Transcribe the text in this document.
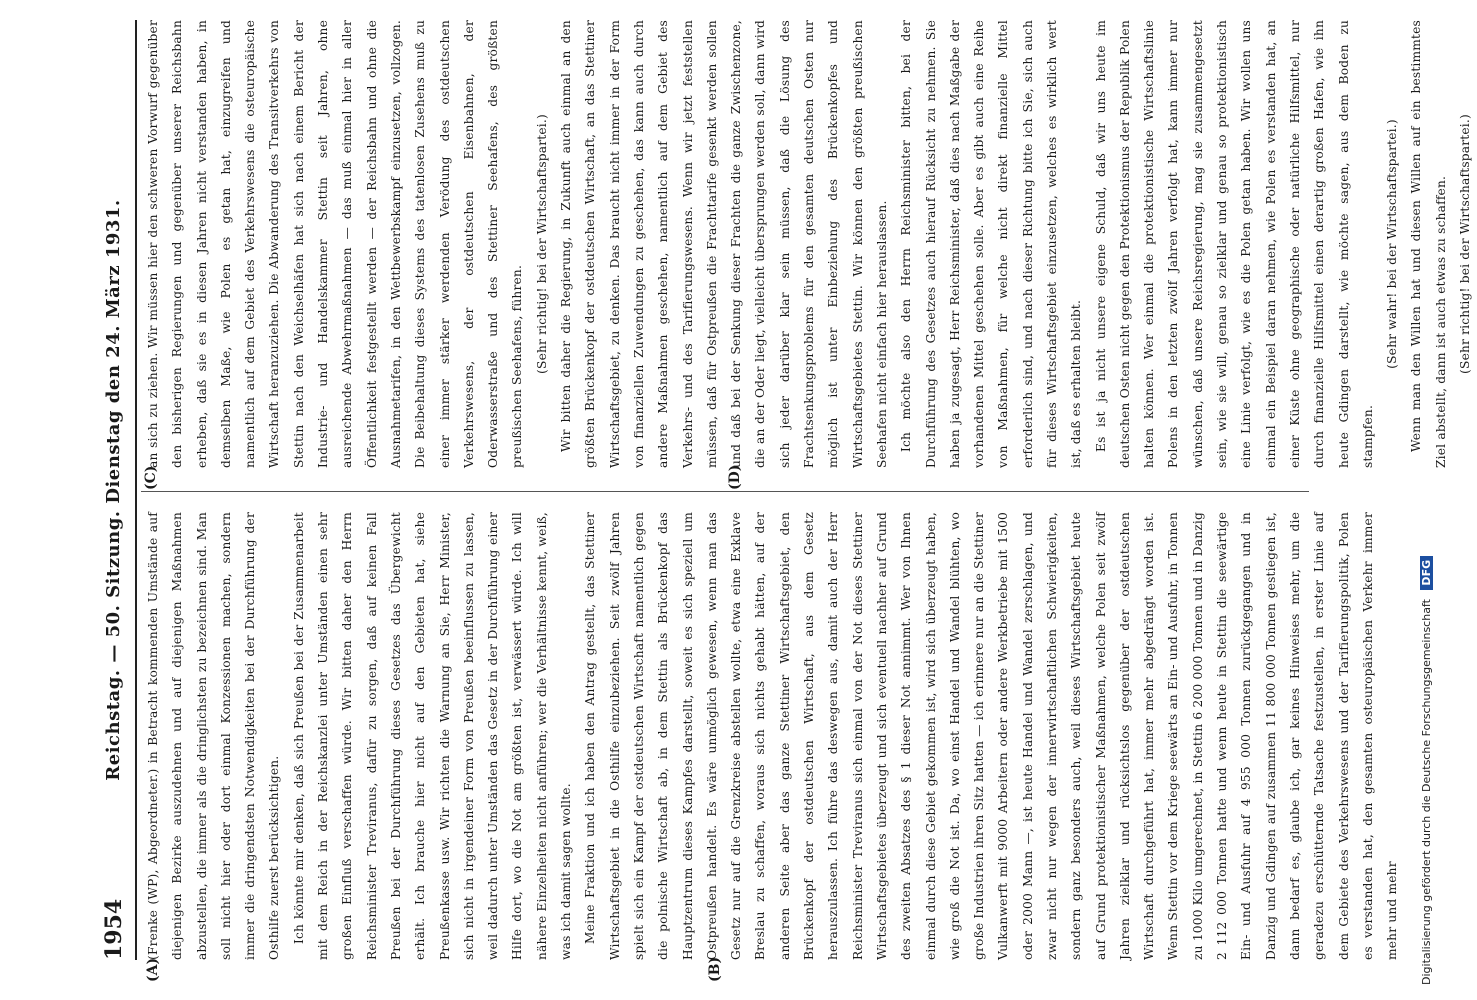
1954
Reichstag. — 50. Sitzung. Dienstag den 24. März 1931.
(A)	(B)
(C)	(D)

(Frenke (WP), Abgeordneter.) in Betracht kommenden Umstände auf diejenigen Bezirke auszudehnen und auf diejenigen Maßnahmen abzustellen, die immer als die dringlichsten zu bezeichnen sind. Man soll nicht hier oder dort einmal Konzessionen machen, sondern immer die dringendsten Notwendigkeiten bei der Durchführung der Osthilfe zuerst berücksichtigen. Ich könnte mir denken, daß sich Preußen bei der Zusammenarbeit mit dem Reich in der Reichskanzlei unter Umständen einen sehr großen Einfluß verschaffen würde. Wir bitten daher den Herrn Reichsminister Treviranus, dafür zu sorgen, daß auf keinen Fall Preußen bei der Durchführung dieses Gesetzes das Übergewicht erhält. Ich brauche hier nicht auf den Gebieten hat, siehe Preußenkasse usw. Wir richten die Warnung an Sie, Herr Minister, sich nicht in irgendeiner Form von Preußen beeinflussen zu lassen, weil dadurch unter Umständen das Gesetz in der Durchführung einer Hilfe dort, wo die Not am größten ist, verwässert würde. Ich will nähere Einzelheiten nicht anführen; wer die Verhältnisse kennt, weiß, was ich damit sagen wollte. Meine Fraktion und ich haben den Antrag gestellt, das Stettiner Wirtschaftsgebiet in die Osthilfe einzubeziehen. Seit zwölf Jahren spielt sich ein Kampf der ostdeutschen Wirtschaft namentlich gegen die polnische Wirtschaft ab, in dem Stettin als Brückenkopf das Hauptzentrum dieses Kampfes darstellt, soweit es sich speziell um Ostpreußen handelt. Es wäre unmöglich gewesen, wenn man das Gesetz nur auf die Grenzkreise abstellen wollte, etwa eine Exklave Breslau zu schaffen, woraus sich nichts gehabt hätten, auf der anderen Seite aber das ganze Stettiner Wirtschaftsgebiet, den Brückenkopf der ostdeutschen Wirtschaft, aus dem Gesetz herauszulassen. Ich führe das deswegen aus, damit auch der Herr Reichsminister Treviranus sich einmal von der Not dieses Stettiner Wirtschaftsgebietes überzeugt und sich eventuell nachher auf Grund des zweiten Absatzes des § 1 dieser Not annimmt. Wer von Ihnen einmal durch diese Gebiet gekommen ist, wird sich überzeugt haben, wie groß die Not ist. Da, wo einst Handel und Wandel blühten, wo große Industrien ihren Sitz hatten — ich erinnere nur an die Stettiner Vulkanwerft mit 9000 Arbeitern oder andere Werkbetriebe mit 1500 oder 2000 Mann —, ist heute Handel und Wandel zerschlagen, und zwar nicht nur wegen der innerwirtschaftlichen Schwierigkeiten, sondern ganz besonders auch, weil dieses Wirtschaftsgebiet heute auf Grund protektionistischer Maßnahmen, welche Polen seit zwölf Jahren zielklar und rücksichtslos gegenüber der ostdeutschen Wirtschaft durchgeführt hat, immer mehr abgedrängt worden ist. Wenn Stettin vor dem Kriege seewärts an Ein- und Ausfuhr, in Tonnen zu 1000 Kilo umgerechnet, in Stettin 6 200 000 Tonnen und in Danzig 2 112 000 Tonnen hatte und wenn heute in Stettin die seewärtige Ein- und Ausfuhr auf 4 955 000 Tonnen zurückgegangen und in Danzig und Gdingen auf zusammen 11 800 000 Tonnen gestiegen ist, dann bedarf es, glaube ich, gar keines Hinweises mehr, um die geradezu erschütternde Tatsache festzustellen, in erster Linie auf dem Gebiete des Verkehrswesens und der Tarifierungspolitik, Polen es verstanden hat, den gesamten osteuropäischen Verkehr immer mehr und mehr

an sich zu ziehen. Wir müssen hier den schweren Vorwurf gegenüber den bisherigen Regierungen und gegenüber unserer Reichsbahn erheben, daß sie es in diesen Jahren nicht verstanden haben, in demselben Maße, wie Polen es getan hat, einzugreifen und namentlich auf dem Gebiet des Verkehrswesens die osteuropäische Wirtschaft heranzuziehen. Die Abwanderung des Transitverkehrs von Stettin nach den Weichselhäfen hat sich nach einem Bericht der Industrie- und Handelskammer Stettin seit Jahren, ohne ausreichende Abwehrmaßnahmen — das muß einmal hier in aller Öffentlichkeit festgestellt werden — der Reichsbahn und ohne die Ausnahmetarifen, in den Wettbewerbskampf einzusetzen, vollzogen. Die Beibehaltung dieses Systems des tatenlosen Zusehens muß zu einer immer stärker werdenden Verödung des ostdeutschen Verkehrswesens, der ostdeutschen Eisenbahnen, der Oderwasserstraße und des Stettiner Seehafens, des größten preußischen Seehafens, führen. (Sehr richtig! bei der Wirtschaftspartei.) Wir bitten daher die Regierung, in Zukunft auch einmal an den größten Brückenkopf der ostdeutschen Wirtschaft, an das Stettiner Wirtschaftsgebiet, zu denken. Das braucht nicht immer in der Form von finanziellen Zuwendungen zu geschehen, das kann auch durch andere Maßnahmen geschehen, namentlich auf dem Gebiet des Verkehrs- und des Tarifierungswesens. Wenn wir jetzt feststellen müssen, daß für Ostpreußen die Frachttarife gesenkt werden sollen und daß bei der Senkung dieser Frachten die ganze Zwischenzone, die an der Oder liegt, vielleicht übersprungen werden soll, dann wird sich jeder darüber klar sein müssen, daß die Lösung des Frachtsenkungsproblems für den gesamten deutschen Osten nur möglich ist unter Einbeziehung des Brückenkopfes und Wirtschaftsgebietes Stettin. Wir können den größten preußischen Seehafen nicht einfach hier herauslassen. Ich möchte also den Herrn Reichsminister bitten, bei der Durchführung des Gesetzes auch hierauf Rücksicht zu nehmen. Sie haben ja zugesagt, Herr Reichsminister, daß dies nach Maßgabe der vorhandenen Mittel geschehen solle. Aber es gibt auch eine Reihe von Maßnahmen, für welche nicht direkt finanzielle Mittel erforderlich sind, und nach dieser Richtung bitte ich Sie, sich auch für dieses Wirtschaftsgebiet einzusetzen, welches es wirklich wert ist, daß es erhalten bleibt. Es ist ja nicht unsere eigene Schuld, daß wir uns heute im deutschen Osten nicht gegen den Protektionismus der Republik Polen halten können. Wer einmal die protektionistische Wirtschaftslinie Polens in den letzten zwölf Jahren verfolgt hat, kann immer nur wünschen, daß unsere Reichsregierung, mag sie zusammengesetzt sein, wie sie will, genau so zielklar und genau so protektionistisch eine Linie verfolgt, wie es die Polen getan haben. Wir wollen uns einmal ein Beispiel daran nehmen, wie Polen es verstanden hat, an einer Küste ohne geographische oder natürliche Hilfsmittel, nur durch finanzielle Hilfsmittel einen derartig großen Hafen, wie ihn heute Gdingen darstellt, wie möchte sagen, aus dem Boden zu stampfen.

(Sehr wahr! bei der Wirtschaftspartei.) Wenn man den Willen hat und diesen Willen auf ein bestimmtes Ziel abstellt, dann ist auch etwas zu schaffen. (Sehr richtig! bei der Wirtschaftspartei.)

Digitalisierung gefördert durch die Deutsche Forschungsgemeinschaft DFG
